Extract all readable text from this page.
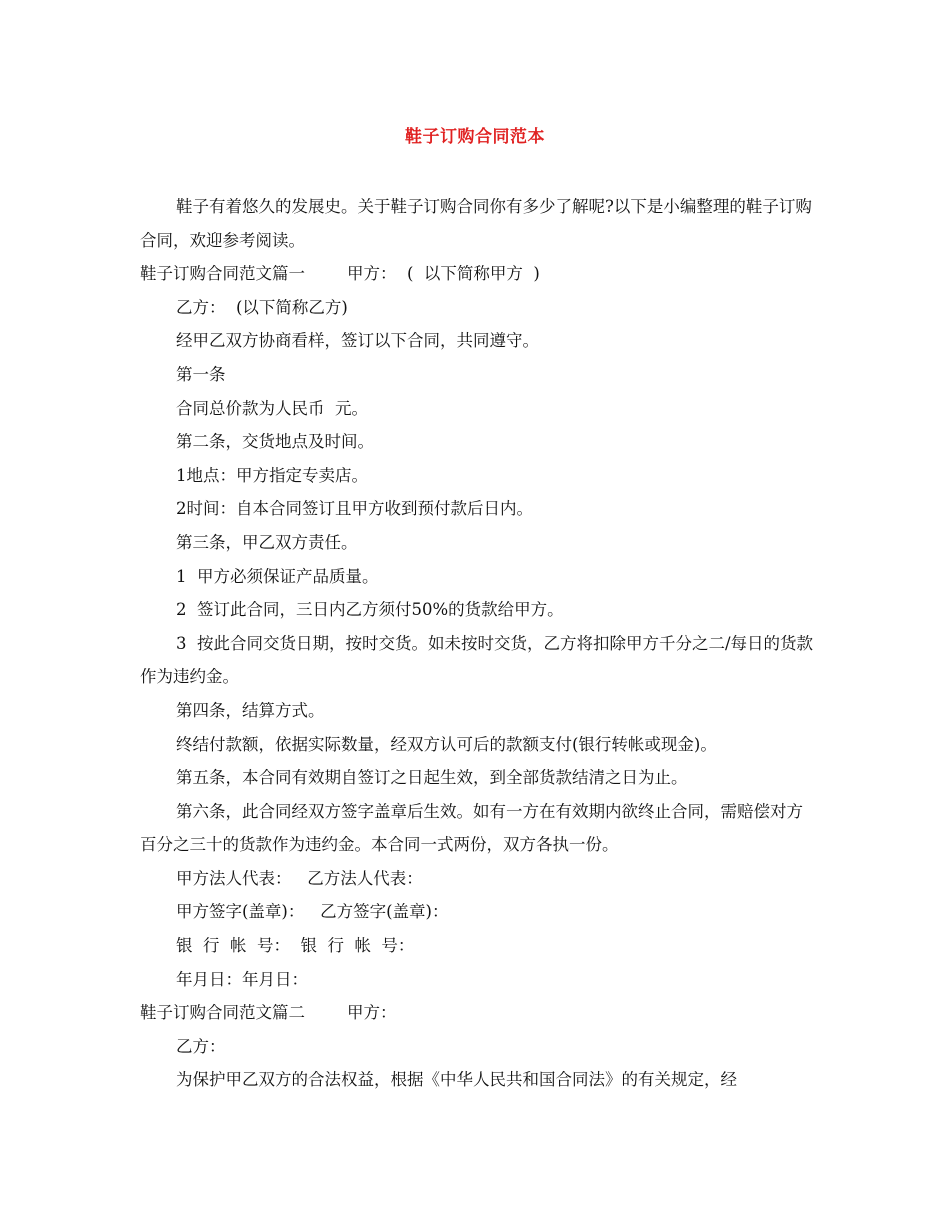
鞋子订购合同范本

鞋子有着悠久的发展史。关于鞋子订购合同你有多少了解呢?以下是小编整理的鞋子订购合同，欢迎参考阅读。

鞋子订购合同范文篇一        甲方：  (  以下简称甲方  )

乙方：  (以下简称乙方)

经甲乙双方协商看样，签订以下合同，共同遵守。

第一条

合同总价款为人民币  元。

第二条，交货地点及时间。

1地点：甲方指定专卖店。

2时间：自本合同签订且甲方收到预付款后日内。

第三条，甲乙双方责任。

1  甲方必须保证产品质量。

2  签订此合同，三日内乙方须付50%的货款给甲方。

3  按此合同交货日期，按时交货。如未按时交货，乙方将扣除甲方千分之二/每日的货款作为违约金。

第四条，结算方式。

终结付款额，依据实际数量，经双方认可后的款额支付(银行转帐或现金)。

第五条，本合同有效期自签订之日起生效，到全部货款结清之日为止。

第六条，此合同经双方签字盖章后生效。如有一方在有效期内欲终止合同，需赔偿对方百分之三十的货款作为违约金。本合同一式两份，双方各执一份。

甲方法人代表：   乙方法人代表：

甲方签字(盖章)：   乙方签字(盖章)：

银  行  帐  号：  银  行  帐  号：

年月日：年月日：

鞋子订购合同范文篇二        甲方：

乙方：

为保护甲乙双方的合法权益，根据《中华人民共和国合同法》的有关规定，经
